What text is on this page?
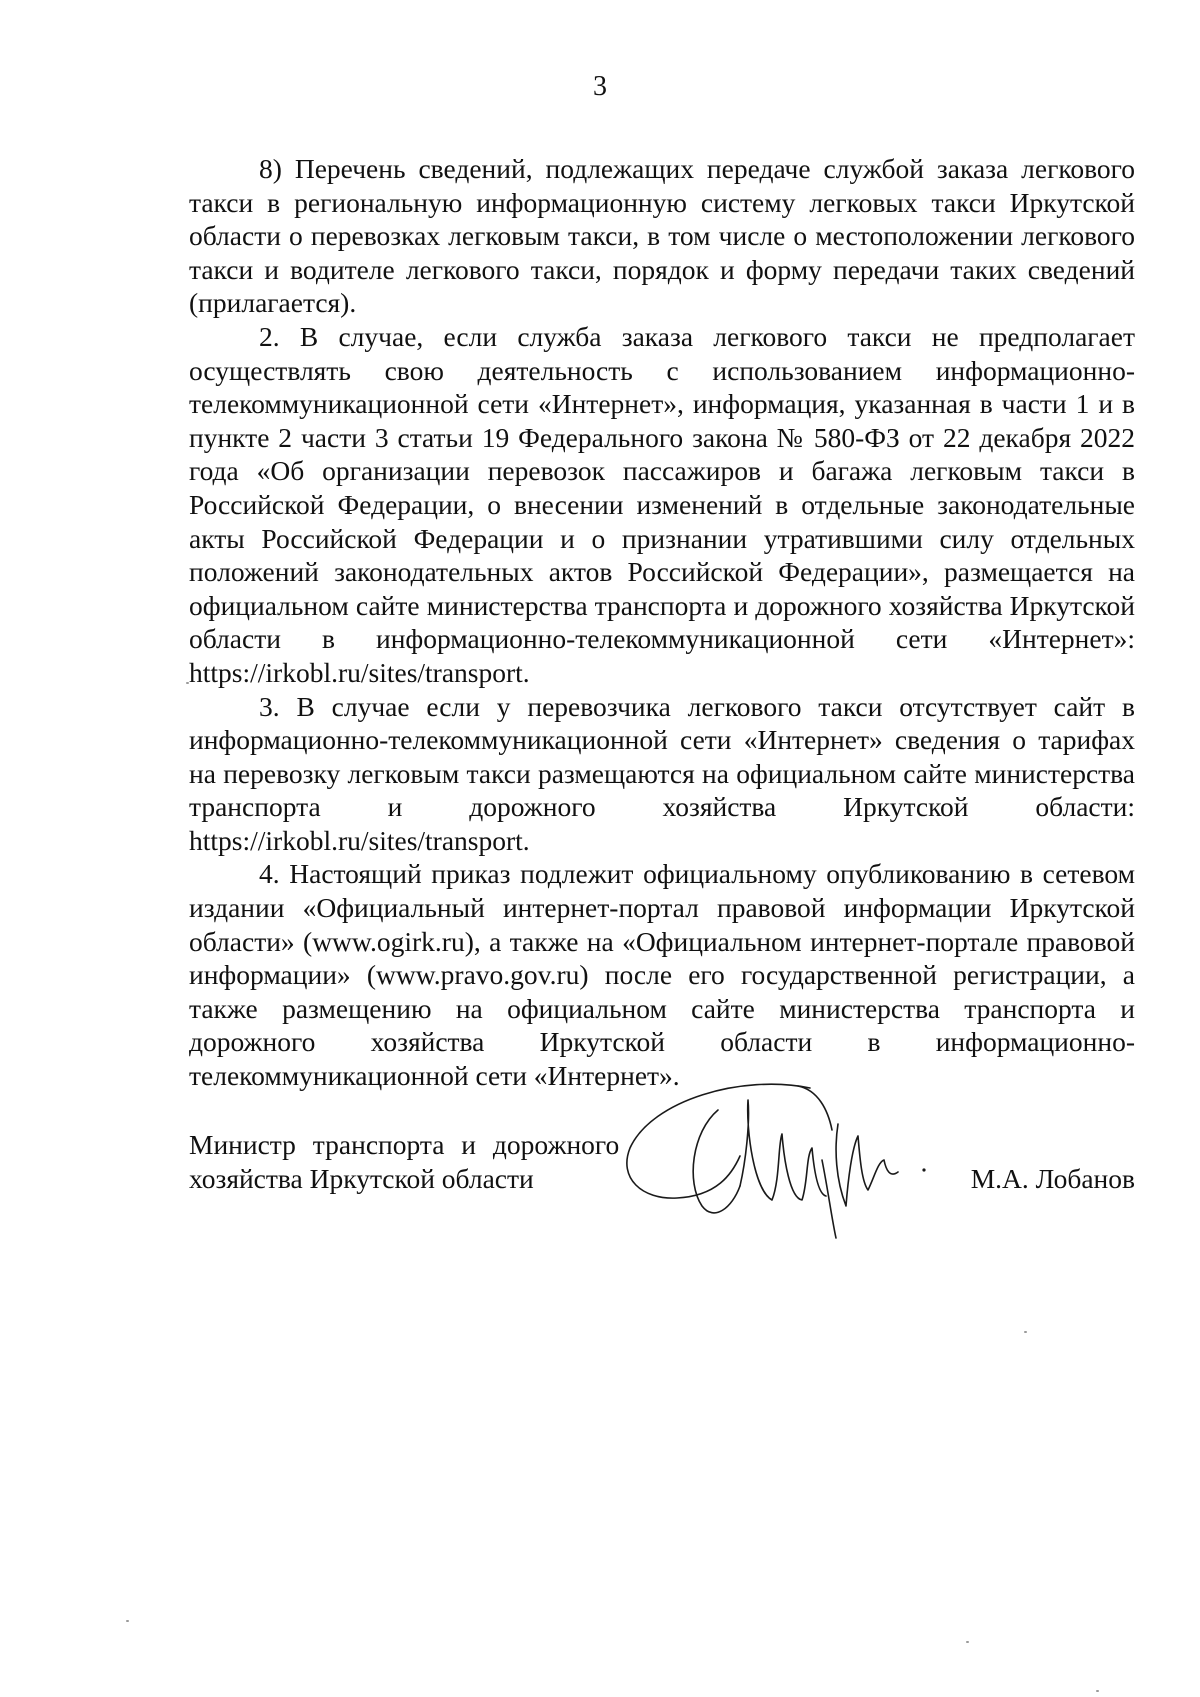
3

8) Перечень сведений, подлежащих передаче службой заказа легкового такси в региональную информационную систему легковых такси Иркутской области о перевозках легковым такси, в том числе о местоположении легкового такси и водителе легкового такси, порядок и форму передачи таких сведений (прилагается).

2. В случае, если служба заказа легкового такси не предполагает осуществлять свою деятельность с использованием информационно-телекоммуникационной сети «Интернет», информация, указанная в части 1 и в пункте 2 части 3 статьи 19 Федерального закона № 580-ФЗ от 22 декабря 2022 года «Об организации перевозок пассажиров и багажа легковым такси в Российской Федерации, о внесении изменений в отдельные законодательные акты Российской Федерации и о признании утратившими силу отдельных положений законодательных актов Российской Федерации», размещается на официальном сайте министерства транспорта и дорожного хозяйства Иркутской области в информационно-телекоммуникационной сети «Интернет»: https://irkobl.ru/sites/transport.

3. В случае если у перевозчика легкового такси отсутствует сайт в информационно-телекоммуникационной сети «Интернет» сведения о тарифах на перевозку легковым такси размещаются на официальном сайте министерства транспорта и дорожного хозяйства Иркутской области: https://irkobl.ru/sites/transport.

4. Настоящий приказ подлежит официальному опубликованию в сетевом издании «Официальный интернет-портал правовой информации Иркутской области» (www.ogirk.ru), а также на «Официальном интернет-портале правовой информации» (www.pravo.gov.ru) после его государственной регистрации, а также размещению на официальном сайте министерства транспорта и дорожного хозяйства Иркутской области в информационно-телекоммуникационной сети «Интернет».

Министр транспорта и дорожного
хозяйства Иркутской области	М.А. Лобанов
